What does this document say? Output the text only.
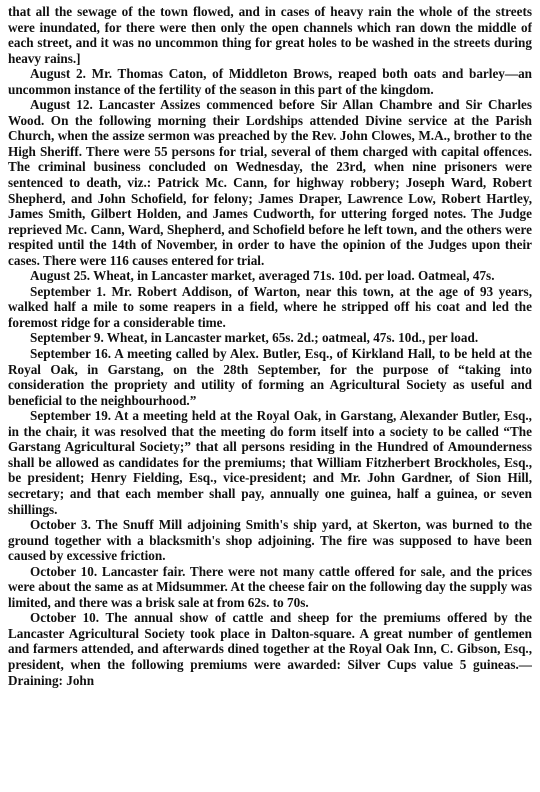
that all the sewage of the town flowed, and in cases of heavy rain the whole of the streets were inundated, for there were then only the open channels which ran down the middle of each street, and it was no uncommon thing for great holes to be washed in the streets during heavy rains.]

August 2. Mr. Thomas Caton, of Middleton Brows, reaped both oats and barley—an uncommon instance of the fertility of the season in this part of the kingdom.

August 12. Lancaster Assizes commenced before Sir Allan Chambre and Sir Charles Wood. On the following morning their Lordships attended Divine service at the Parish Church, when the assize sermon was preached by the Rev. John Clowes, M.A., brother to the High Sheriff. There were 55 persons for trial, several of them charged with capital offences. The criminal business concluded on Wednesday, the 23rd, when nine prisoners were sentenced to death, viz.: Patrick Mc. Cann, for highway robbery; Joseph Ward, Robert Shepherd, and John Schofield, for felony; James Draper, Lawrence Low, Robert Hartley, James Smith, Gilbert Holden, and James Cudworth, for uttering forged notes. The Judge reprieved Mc. Cann, Ward, Shepherd, and Schofield before he left town, and the others were respited until the 14th of November, in order to have the opinion of the Judges upon their cases. There were 116 causes entered for trial.

August 25. Wheat, in Lancaster market, averaged 71s. 10d. per load. Oatmeal, 47s.

September 1. Mr. Robert Addison, of Warton, near this town, at the age of 93 years, walked half a mile to some reapers in a field, where he stripped off his coat and led the foremost ridge for a considerable time.

September 9. Wheat, in Lancaster market, 65s. 2d.; oatmeal, 47s. 10d., per load.

September 16. A meeting called by Alex. Butler, Esq., of Kirkland Hall, to be held at the Royal Oak, in Garstang, on the 28th September, for the purpose of “taking into consideration the propriety and utility of forming an Agricultural Society as useful and beneficial to the neighbourhood.”

September 19. At a meeting held at the Royal Oak, in Garstang, Alexander Butler, Esq., in the chair, it was resolved that the meeting do form itself into a society to be called “The Garstang Agricultural Society;” that all persons residing in the Hundred of Amounderness shall be allowed as candidates for the premiums; that William Fitzherbert Brockholes, Esq., be president; Henry Fielding, Esq., vice-president; and Mr. John Gardner, of Sion Hill, secretary; and that each member shall pay, annually one guinea, half a guinea, or seven shillings.

October 3. The Snuff Mill adjoining Smith's ship yard, at Skerton, was burned to the ground together with a blacksmith's shop adjoining. The fire was supposed to have been caused by excessive friction.

October 10. Lancaster fair. There were not many cattle offered for sale, and the prices were about the same as at Midsummer. At the cheese fair on the following day the supply was limited, and there was a brisk sale at from 62s. to 70s.

October 10. The annual show of cattle and sheep for the premiums offered by the Lancaster Agricultural Society took place in Dalton-square. A great number of gentlemen and farmers attended, and afterwards dined together at the Royal Oak Inn, C. Gibson, Esq., president, when the following premiums were awarded: Silver Cups value 5 guineas.—Draining: John
